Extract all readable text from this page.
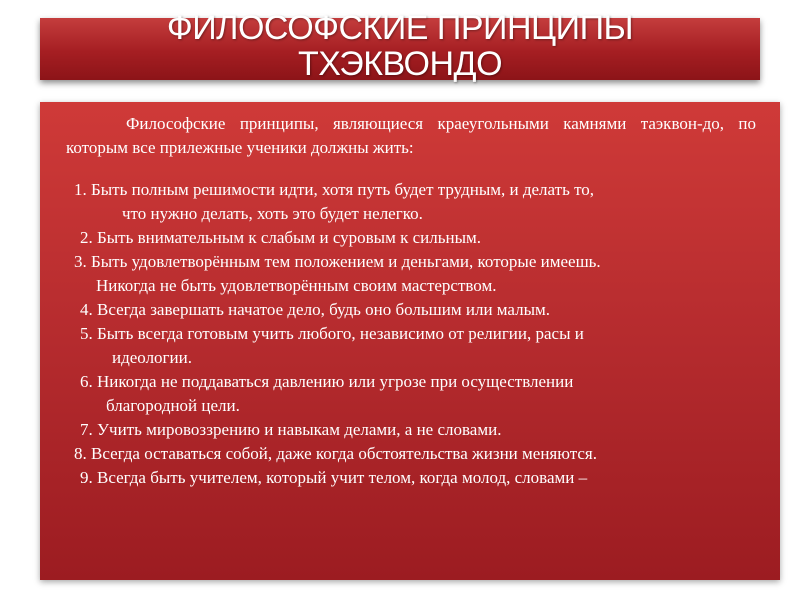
ФИЛОСОФСКИЕ ПРИНЦИПЫ
ТХЭКВОНДО

Философские принципы, являющиеся краеугольными камнями таэквон-до, по которым все прилежные ученики должны жить:

1. Быть полным решимости идти, хотя путь будет трудным, и делать то,

что нужно делать, хоть это будет нелегко.

2. Быть внимательным к слабым и суровым к сильным.

3. Быть удовлетворённым тем положением и деньгами, которые имеешь.

Никогда не быть удовлетворённым своим мастерством.

4. Всегда завершать начатое дело, будь оно большим или малым.

5. Быть всегда готовым учить любого, независимо от религии, расы и

идеологии.

6. Никогда не поддаваться давлению или угрозе при осуществлении

благородной цели.

7. Учить мировоззрению и навыкам делами, а не словами.

8. Всегда оставаться собой, даже когда обстоятельства жизни меняются.

9. Всегда быть учителем, который учит телом, когда молод, словами –
